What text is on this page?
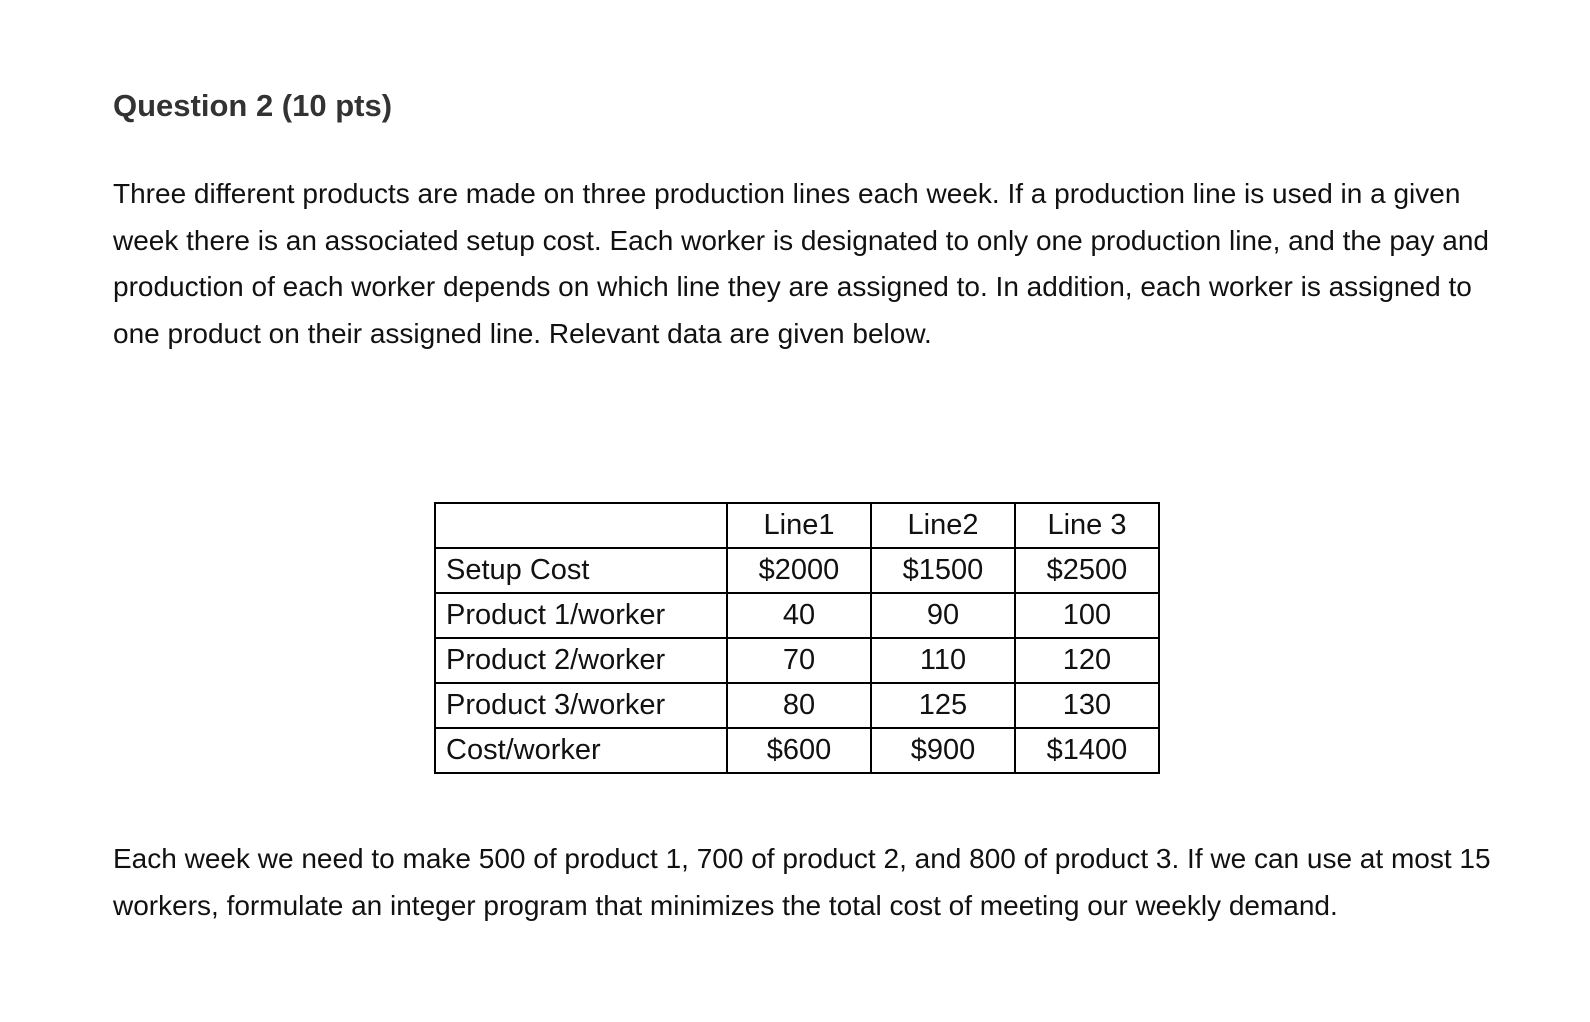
Question 2 (10 pts)

Three different products are made on three production lines each week. If a production line is used in a given week there is an associated setup cost. Each worker is designated to only one production line, and the pay and production of each worker depends on which line they are assigned to. In addition, each worker is assigned to one product on their assigned line. Relevant data are given below.

	Line1	Line2	Line 3
Setup Cost	$2000	$1500	$2500
Product 1/worker	40	90	100
Product 2/worker	70	110	120
Product 3/worker	80	125	130
Cost/worker	$600	$900	$1400

Each week we need to make 500 of product 1, 700 of product 2, and 800 of product 3. If we can use at most 15 workers, formulate an integer program that minimizes the total cost of meeting our weekly demand.
